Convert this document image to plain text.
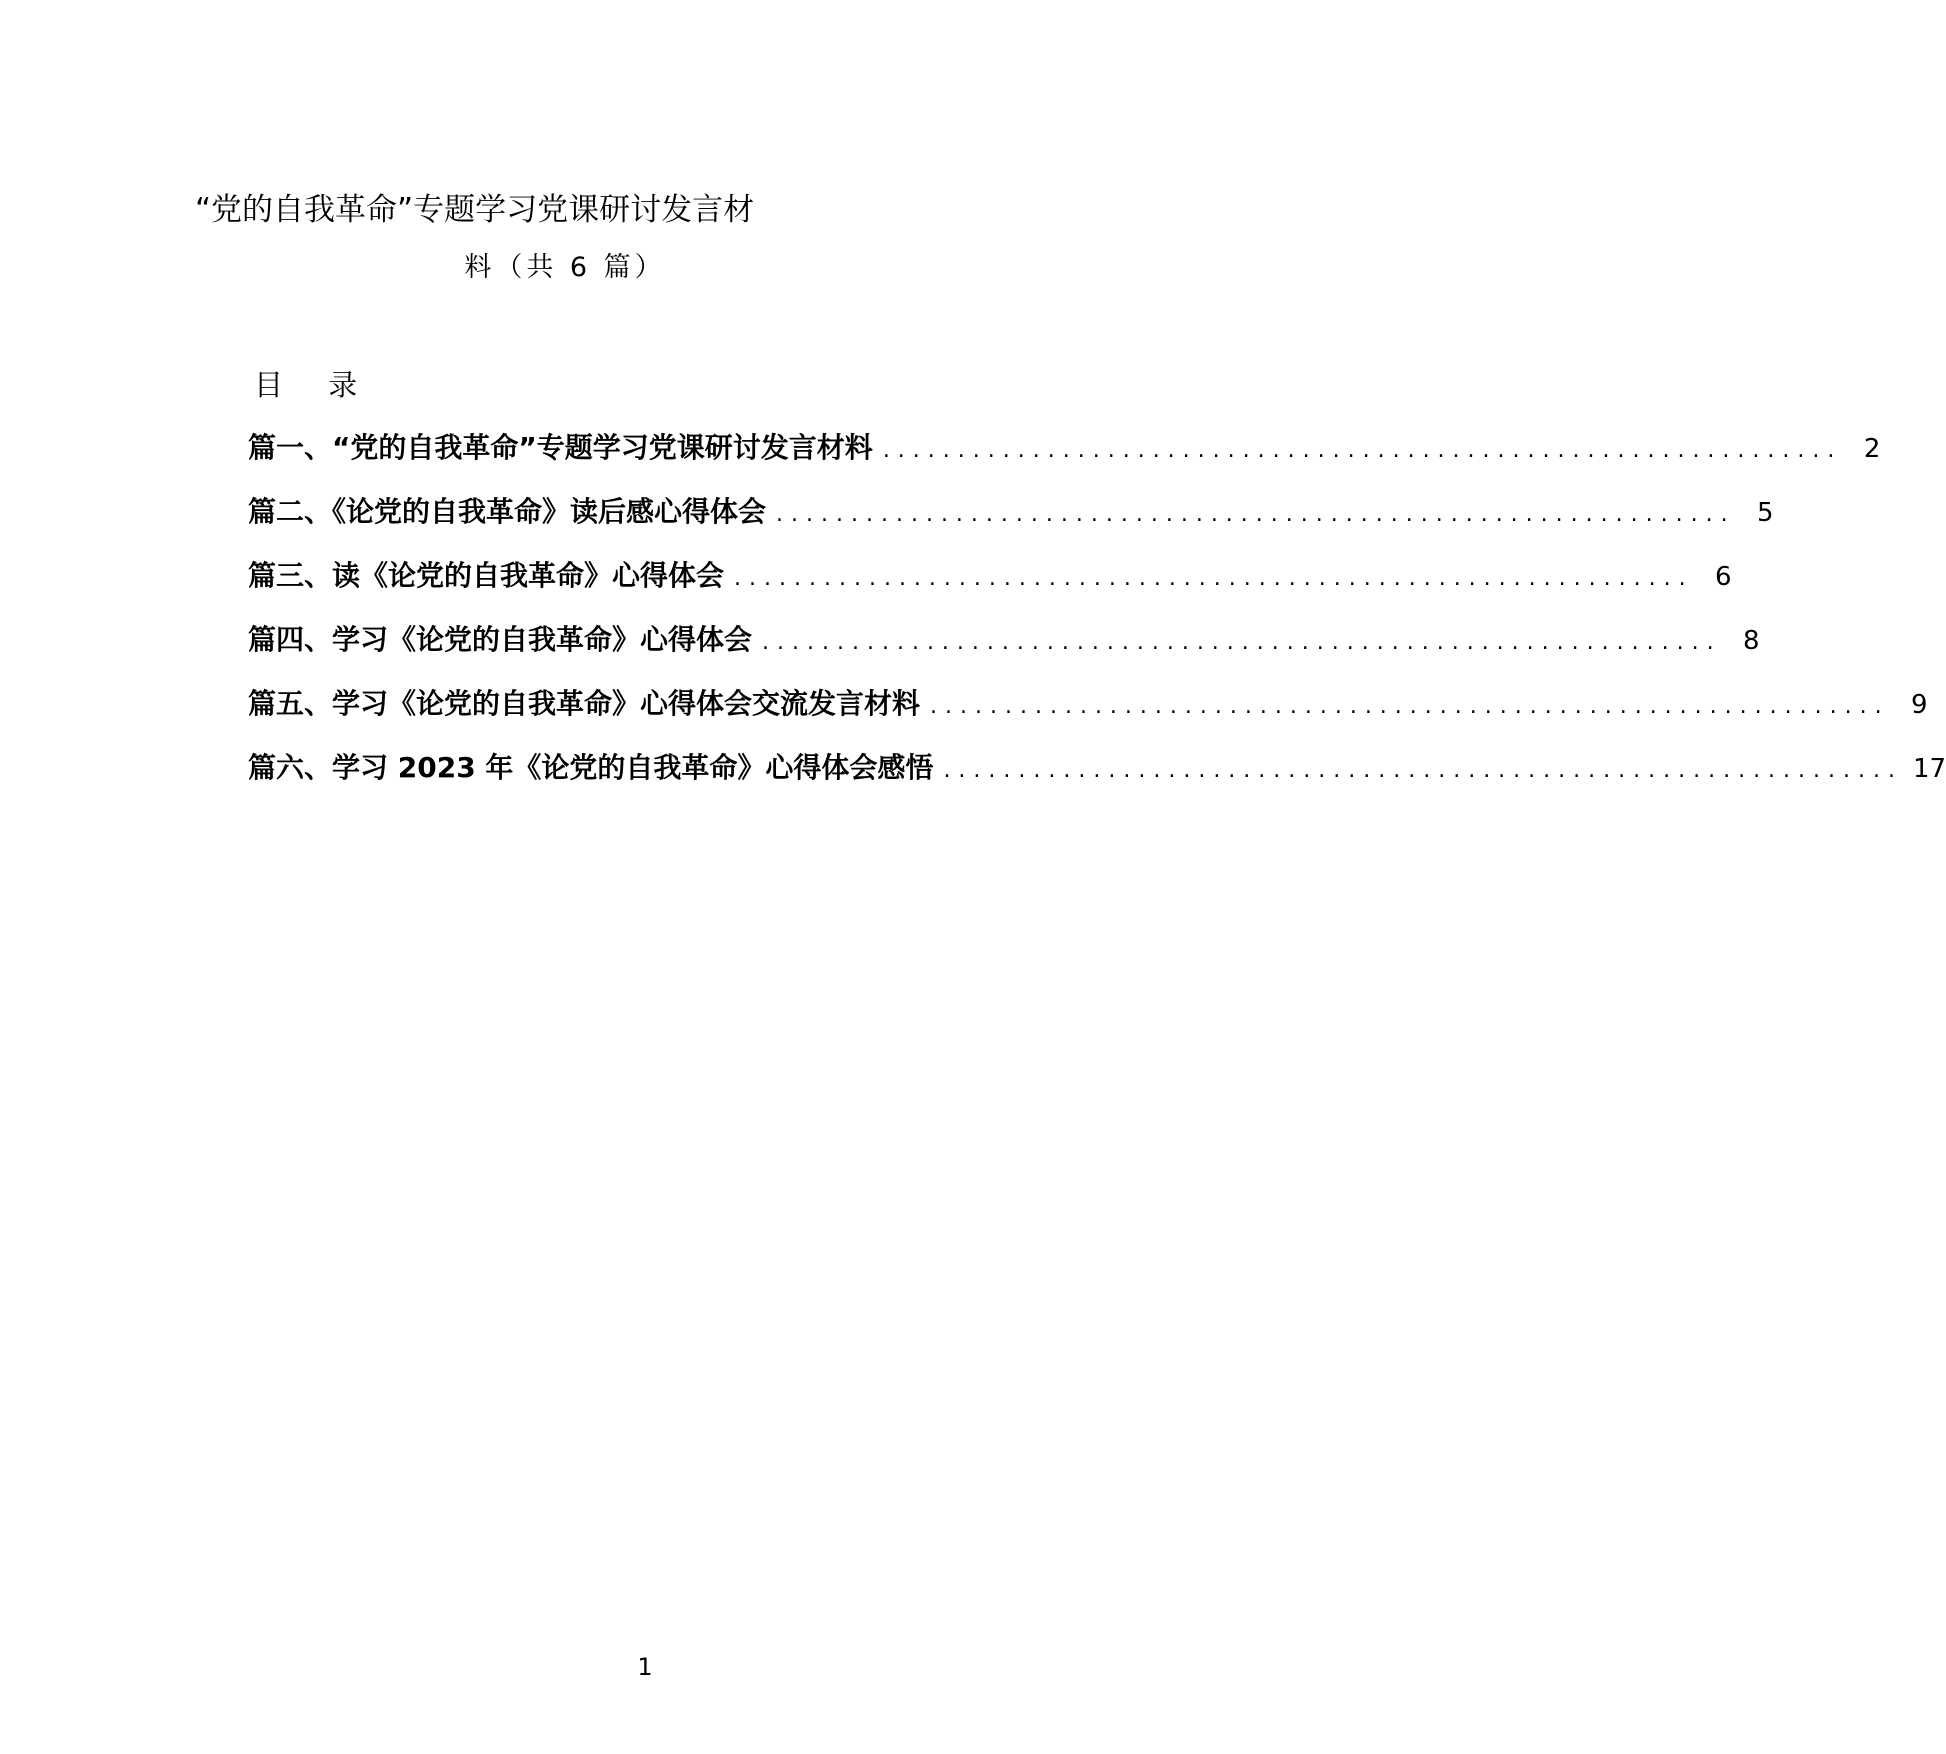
“党的自我革命”专题学习党课研讨发言材
料（共 6 篇）
目 录
篇一、“党的自我革命”专题学习党课研讨发言材料 ................................................................ 2
篇二、《论党的自我革命》读后感心得体会 ................................................................ 5
篇三、读《论党的自我革命》心得体会 ................................................................ 6
篇四、学习《论党的自我革命》心得体会 ................................................................ 8
篇五、学习《论党的自我革命》心得体会交流发言材料 ................................................................ 9
篇六、学习 2023 年《论党的自我革命》心得体会感悟 ................................................................ 17
1
